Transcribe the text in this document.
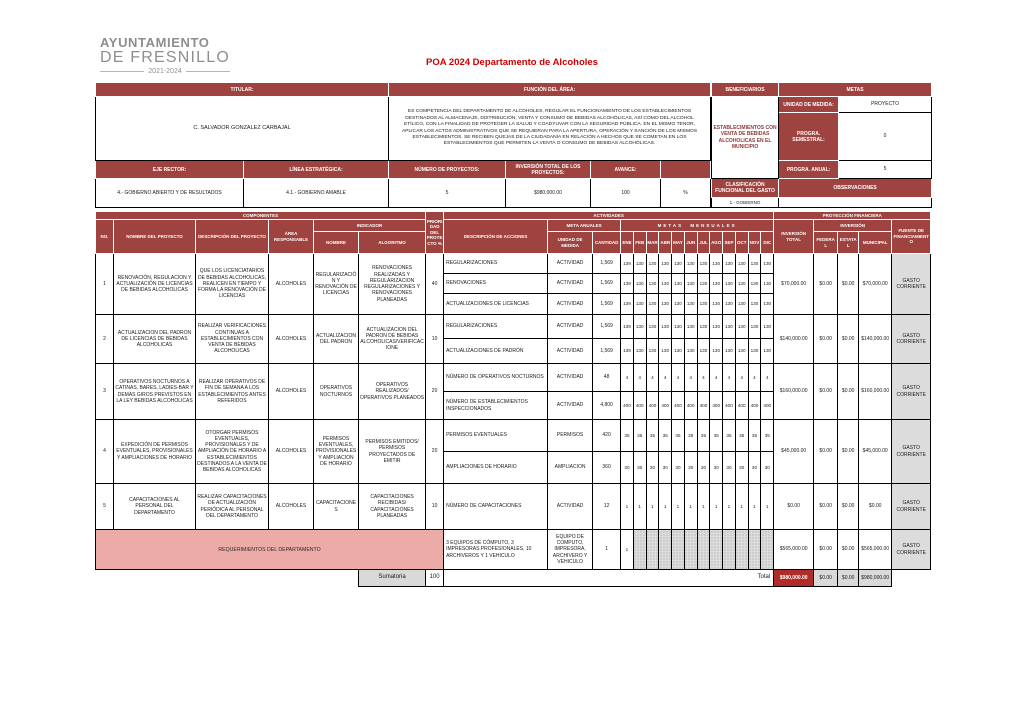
AYUNTAMIENTO
DE FRESNILLO
2021-2024
POA 2024 Departamento de Alcoholes
TITULAR:		FUNCIÓN DEL ÁREA:			
C. SALVADOR GONZALEZ CARBAJAL		ES COMPETENCIA DEL DEPARTAMENTO DE ALCOHOLES, REGULAR EL FUNCIONAMIENTO DE LOS ESTABLECIMIENTOS DESTINADOS AL ALMACENAJE, DISTRIBUCIÓN, VENTA Y CONSUMO DE BEBIDAS ALCOHÓLICAS, ASÍ COMO DEL ALCOHOL ETÍLICO, CON LA FINALIDAD DE PROTEGER LA SALUD Y COADYUVAR CON LA SEGURIDAD PÚBLICA. EN EL MISMO TENOR, APLICAR LOS ACTOS ADMINISTRATIVOS QUE SE REQUIERAN PARA LA APERTURA, OPERACIÓN Y SANCIÓN DE LOS MISMOS ESTABLECIMIENTOS. SE RECIBEN QUEJAS DE LA CIUDADANÍA EN RELACIÓN A HECHOS QUE SE COMETAN EN LOS ESTABLECIMIENTOS QUE PERMITEN LA VENTA O CONSUMO DE BEBIDAS ALCOHÓLICAS.			
EJE RECTOR:	LÍNEA ESTRATÉGICA:	NÚMERO DE PROYECTOS:	INVERSIÓN TOTAL DE LOS PROYECTOS:	AVANCE:	
4.- GOBIERNO ABIERTO Y DE RESULTADOS	4.1.- GOBIERNO AMABLE	5	$980,000.00	100	%
BENEFICIARIOS	METAS	
ESTABLECIMIENTOS CON VENTA DE BEBIDAS ALCOHOLICAS EN EL MUNICIPIO	UNIDAD DE MEDIDA:	PROYECTO
	PROGRA. SEMESTRAL:	0
	PROGRA. ANUAL:	5
CLASIFICACIÓN FUNCIONAL DEL GASTO	OBSERVACIONES	
1.- GOBIERNO		
COMPONENTES						PRIORIDAD DEL PROYECTO %	ACTIVIDADES															PROYECCIÓN FINANCIERA				
NO.	NOMBRE DEL PROYECTO	DESCRIPCIÓN DEL PROYECTO	ÁREA RESPONSABLE	INDICADOR			DESCRIPCIÓN DE ACCIONES	META ANUALES		METAS MENSUALES												INVERSIÓN TOTAL	INVERSIÓN			FUENTE DE FINANCIAMIENTO
				NOMBRE	ALGORITMO			UNIDAD DE MEDIDA	CANTIDAD	ENE	FEB	MAR	ABR	MAY	JUN	JUL	AGO	SEP	OCT	NOV	DIC		FEDERAL	ESTATAL	MUNICIPAL	
1	RENOVACIÓN, REGULACION Y ACTUALIZACIÓN DE LICENCIAS DE BEBIDAS ALCOHOLICAS	QUE LOS LICENCIATARIOS DE BEBIDAS ALCOHOLICAS, REALICEN EN TIEMPO Y FORMA LA RENOVACIÓN DE LICENCIAS	ALCOHOLES	REGULARIZACIÓN Y RENOVACIÓN DE LICENCIAS	RENOVACIONES REALIZADAS Y REGULARIZACION REGULARIZACIONES Y RENOVACIONES PLANEADAS	40	REGULARIZACIONES	ACTIVIDAD	1,569	139	130	130	130	130	130	130	130	130	130	130	130	$70,000.00	$0.00	$0.00	$70,000.00	GASTO CORRIENTE
							RENOVACIONES	ACTIVIDAD	1,569	139	130	130	130	130	130	130	130	130	130	130	130					
							ACTUALIZACIONES DE LICENCIAS	ACTIVIDAD	1,569	139	130	130	130	130	130	130	130	130	130	130	130					
2	ACTUALIZACION DEL PADRON DE LICENCIAS DE BEBIDAS ALCOHOLICAS	REALIZAR VERIFICACIONES CONTINUAS A ESTABLECIMIENTOS CON VENTA DE BEBIDAS ALCOHOLICAS	ALCOHOLES	ACTUALIZACION DEL PADRON	ACTUALIZACION DEL PADRON DE BEBIDAS ALCOHOLICAS/VERIFICACIONE	10	REGULARIZACIONES	ACTIVIDAD	1,569	139	130	130	130	130	130	130	130	130	130	130	130	$140,000.00	$0.00	$0.00	$140,000.00	GASTO CORRIENTE
							ACTUALIZACIONES DE PADRÓN	ACTIVIDAD	1,569	139	130	130	130	130	130	130	130	130	130	130	130					
3	OPERATIVOS NOCTURNOS A CATINAS, BARES, LADIES-BAR Y DEMAS GIROS PREVISTOS EN LA LEY BEBIDAS ALCOHOLICAS	REALIZAR OPERATIVOS DE FIN DE SEMANA A LOS ESTABLECIMIENTOS ANTES REFERIDOS	ALCOHOLES	OPERATIVOS NOCTURNOS	OPERATIVOS REALIZADOS/ OPERATIVOS PLANEADOS	20	NÚMERO DE OPERATIVOS NOCTURNOS	ACTIVIDAD	48	4	4	4	4	4	4	4	4	4	4	4	4	$160,000.00	$0.00	$0.00	$160,000.00	GASTO CORRIENTE
							NÚMERO DE ESTABLECIMIENTOS INSPECCIONADOS	ACTIVIDAD	4,800	400	400	400	400	400	400	400	400	400	400	400	400					
4	EXPEDICIÓN DE PERMISOS EVENTUALES, PROVISIONALES Y AMPLIACIONES DE HORARIO	OTORGAR PERMISOS EVENTUALES, PROVISIONALES Y DE AMPLIACIÓN DE HORARIO A ESTABLECIMIENTOS DESTINADOS A LA VENTA DE BEBIDAS ALCOHOLICAS	ALCOHOLES	PERMISOS EVENTUALES, PROVISIONALES Y AMPLIACION DE HORARIO	PERMISOS EMITIDOS/ PERMISOS PROYECTADOS DE EMITIR	20	PERMISOS EVENTUALES	PERMISOS	420	35	35	35	35	35	35	35	35	35	35	35	35	$45,000.00	$0.00	$0.00	$45,000.00	GASTO CORRIENTE
							AMPLIACIONES DE HORARIO	AMPLIACION	360	30	30	30	30	30	30	30	30	30	30	30	30					
5	CAPACITACIONES AL PERSONAL DEL DEPARTAMENTO	REALIZAR CAPACITACIONES DE ACTUALIZACIÓN PERIÓDICA AL PERSONAL DEL DEPARTAMENTO	ALCOHOLES	CAPACITACIONES	CAPACITACIONES RECIBIDAS/ CAPACITACIONES PLANEADAS	10	NÚMERO DE CAPACITACIONES	ACTIVIDAD	12	1	1	1	1	1	1	1	1	1	1	1	1	$0.00	$0.00	$0.00	$0.00	GASTO CORRIENTE
REQUERIMIENTOS DEL DEPARTAMENTO							3 EQUIPOS DE CÓMPUTO, 3 IMPRESORAS PROFESIONALES, 10 ARCHIVEROS Y 1 VEHICULO	EQUIPO DE COMPUTO, IMPRESORA, ARCHIVERO Y VEHICULO	1	1												$565,000.00	$0.00	$0.00	$565,000.00	GASTO CORRIENTE
					Sumatoria	100	Total															$980,000.00	$0.00	$0.00	$980,000.00	
